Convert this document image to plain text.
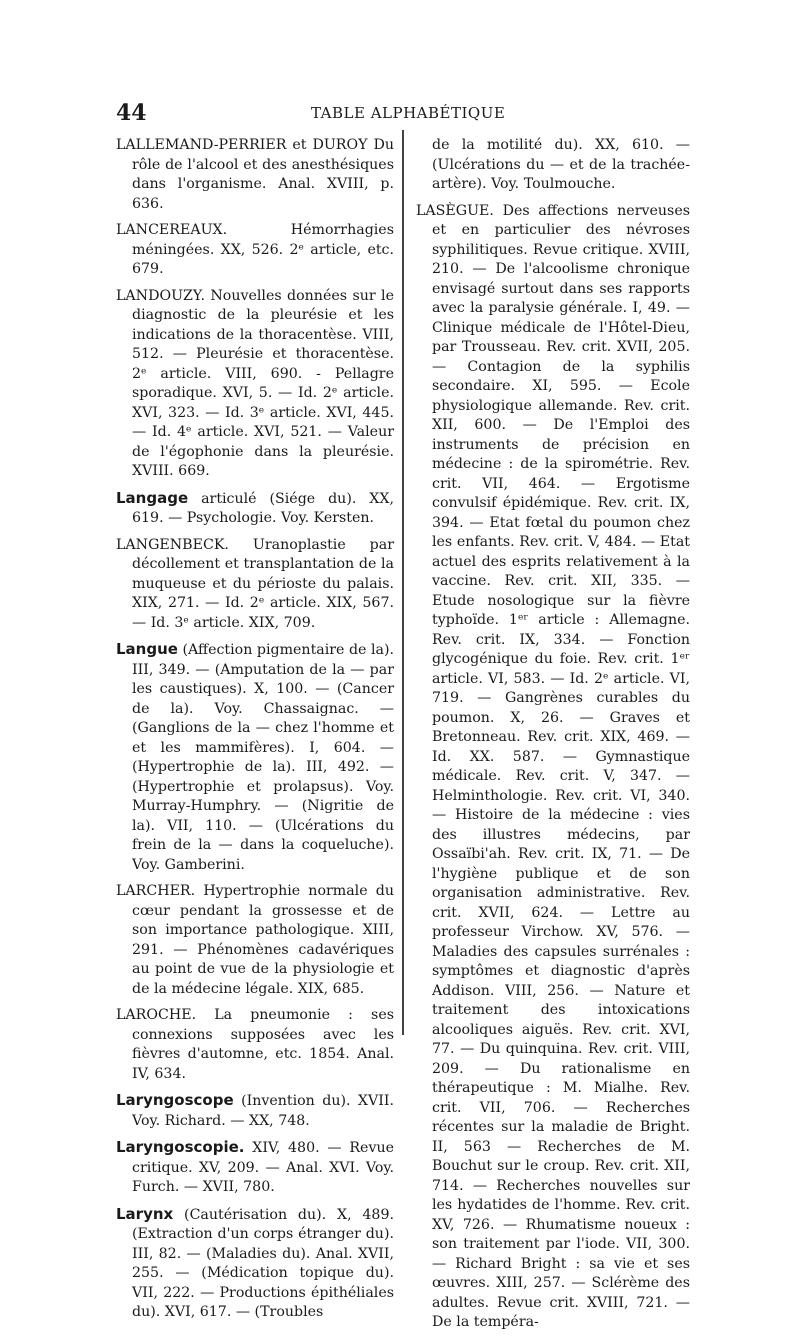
44	TABLE ALPHABÉTIQUE

LALLEMAND-PERRIER et DUROY Du rôle de l'alcool et des anesthésiques dans l'organisme. Anal. XVIII, p. 636.

LANCEREAUX.	Hémorrhagies méningées. XX, 526. 2ᵉ article, etc. 679.

LANDOUZY. Nouvelles données sur le diagnostic de la pleurésie et les indications de la thoracentèse. VIII, 512. — Pleurésie et thoracentèse. 2ᵉ article. VIII, 690. - Pellagre sporadique. XVI, 5. — Id. 2ᵉ article. XVI, 323. — Id. 3ᵉ article. XVI, 445. — Id. 4ᵉ article. XVI, 521. — Valeur de l'égophonie dans la pleurésie. XVIII. 669.

Langage articulé (Siége du). XX, 619. — Psychologie. Voy. Kersten.

LANGENBECK. Uranoplastie par décollement et transplantation de la muqueuse et du périoste du palais. XIX, 271. — Id. 2ᵉ article. XIX, 567. — Id. 3ᵉ article. XIX, 709.

Langue (Affection pigmentaire de la). III, 349. — (Amputation de la — par les caustiques). X, 100. — (Cancer de la). Voy. Chassaignac. — (Ganglions de la — chez l'homme et et les mammifères). I, 604. — (Hypertrophie de la). III, 492. — (Hypertrophie et prolapsus). Voy. Murray-Humphry. — (Nigritie de la). VII, 110. — (Ulcérations du frein de la — dans la coqueluche). Voy. Gamberini.

LARCHER. Hypertrophie normale du cœur pendant la grossesse et de son importance pathologique. XIII, 291. — Phénomènes cadavériques au point de vue de la physiologie et de la médecine légale. XIX, 685.

LAROCHE. La pneumonie : ses connexions supposées avec les fièvres d'automne, etc. 1854. Anal. IV, 634.

Laryngoscope (Invention du). XVII. Voy. Richard. — XX, 748.

Laryngoscopie. XIV, 480. — Revue critique. XV, 209. — Anal. XVI. Voy. Furch. — XVII, 780.

Larynx (Cautérisation du). X, 489. (Extraction d'un corps étranger du). III, 82. — (Maladies du). Anal. XVII, 255. — (Médication topique du). VII, 222. — Productions épithéliales du). XVI, 617. — (Troubles

de la motilité du). XX, 610. — (Ulcérations du — et de la trachée-artère). Voy. Toulmouche.

LASÈGUE. Des affections nerveuses et en particulier des névroses syphilitiques. Revue critique. XVIII, 210. — De l'alcoolisme chronique envisagé surtout dans ses rapports avec la paralysie générale. I, 49. — Clinique médicale de l'Hôtel-Dieu, par Trousseau. Rev. crit. XVII, 205. — Contagion de la syphilis secondaire. XI, 595. — Ecole physiologique allemande. Rev. crit. XII, 600. — De l'Emploi des instruments de précision en médecine : de la spirométrie. Rev. crit. VII, 464. — Ergotisme convulsif épidémique. Rev. crit. IX, 394. — Etat fœtal du poumon chez les enfants. Rev. crit. V, 484. — Etat actuel des esprits relativement à la vaccine. Rev. crit. XII, 335. — Etude nosologique sur la fièvre typhoïde. 1ᵉʳ article : Allemagne. Rev. crit. IX, 334. — Fonction glycogénique du foie. Rev. crit. 1ᵉʳ article. VI, 583. — Id. 2ᵉ article. VI, 719. — Gangrènes curables du poumon. X, 26. — Graves et Bretonneau. Rev. crit. XIX, 469. — Id. XX. 587. — Gymnastique médicale. Rev. crit. V, 347. — Helminthologie. Rev. crit. VI, 340. — Histoire de la médecine : vies des illustres médecins, par Ossaïbi'ah. Rev. crit. IX, 71. — De l'hygiène publique et de son organisation administrative. Rev. crit. XVII, 624. — Lettre au professeur Virchow. XV, 576. — Maladies des capsules surrénales : symptômes et diagnostic d'après Addison. VIII, 256. — Nature et traitement des intoxications alcooliques aiguës. Rev. crit. XVI, 77. — Du quinquina. Rev. crit. VIII, 209. — Du rationalisme en thérapeutique : M. Mialhe. Rev. crit. VII, 706. — Recherches récentes sur la maladie de Bright. II, 563 — Recherches de M. Bouchut sur le croup. Rev. crit. XII, 714. — Recherches nouvelles sur les hydatides de l'homme. Rev. crit. XV, 726. — Rhumatisme noueux : son traitement par l'iode. VII, 300. — Richard Bright : sa vie et ses œuvres. XIII, 257. — Sclérème des adultes. Revue crit. XVIII, 721. — De la tempéra-
